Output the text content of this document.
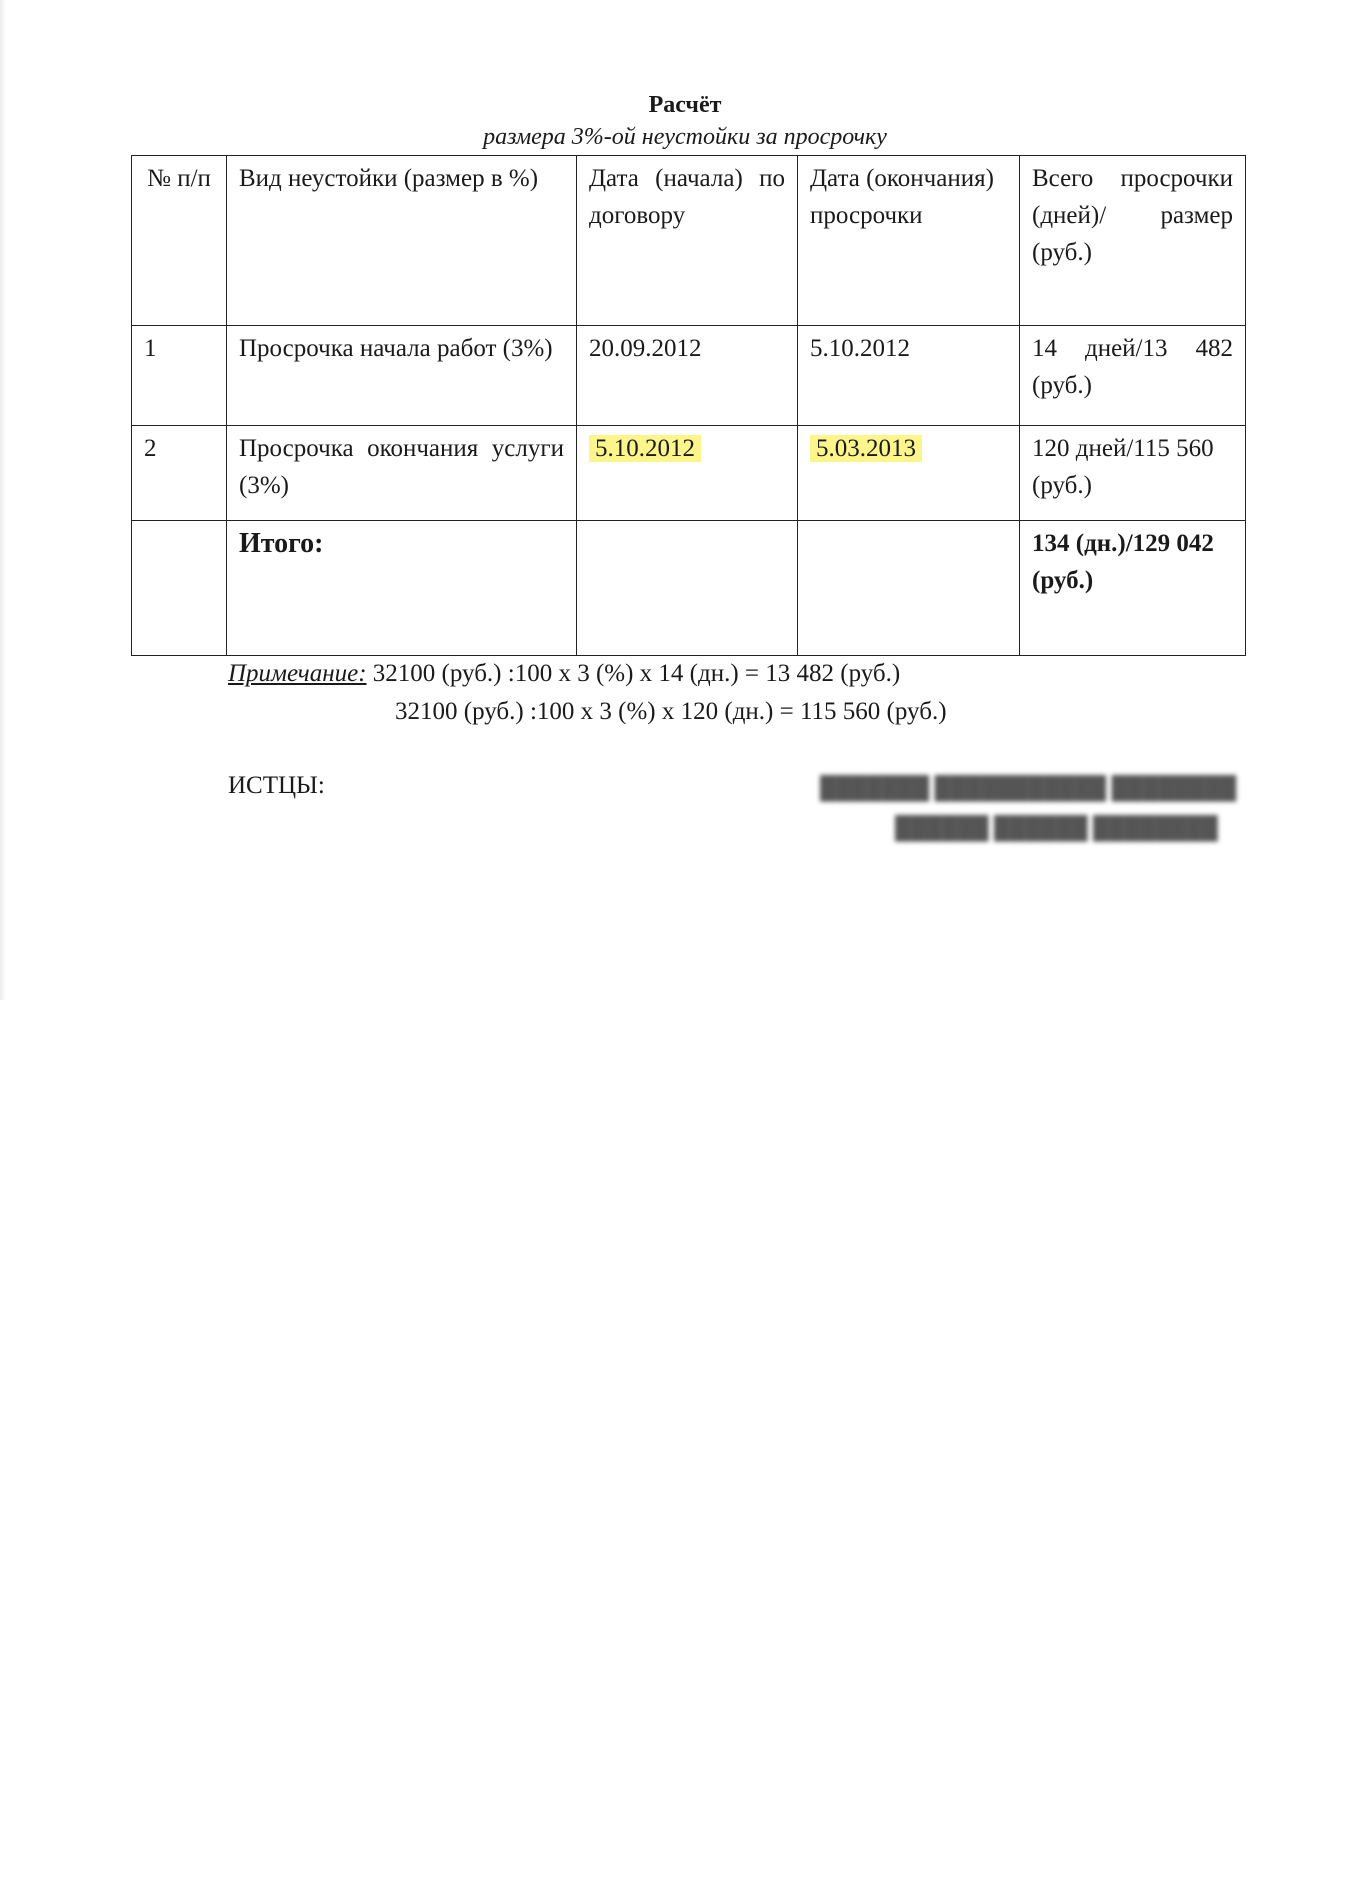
Расчёт
размера 3%-ой неустойки за просрочку
№ п/п	Вид неустойки (размер в %)	Дата (начала) по договору	Дата (окончания) просрочки	Всего просрочки (дней)/ размер (руб.)
1	Просрочка начала работ (3%)	20.09.2012	5.10.2012	14 дней/13 482 (руб.)
2	Просрочка окончания услуги (3%)	5.10.2012	5.03.2013	120 дней/115 560 (руб.)
	Итого:			134 (дн.)/129 042 (руб.)
Примечание: 32100 (руб.) :100 х 3 (%) х 14 (дн.) = 13 482 (руб.)
32100 (руб.) :100 х 3 (%) х 120 (дн.) = 115 560 (руб.)
ИСТЦЫ:	███████ ███████████ ████████
██████ ██████ ████████
